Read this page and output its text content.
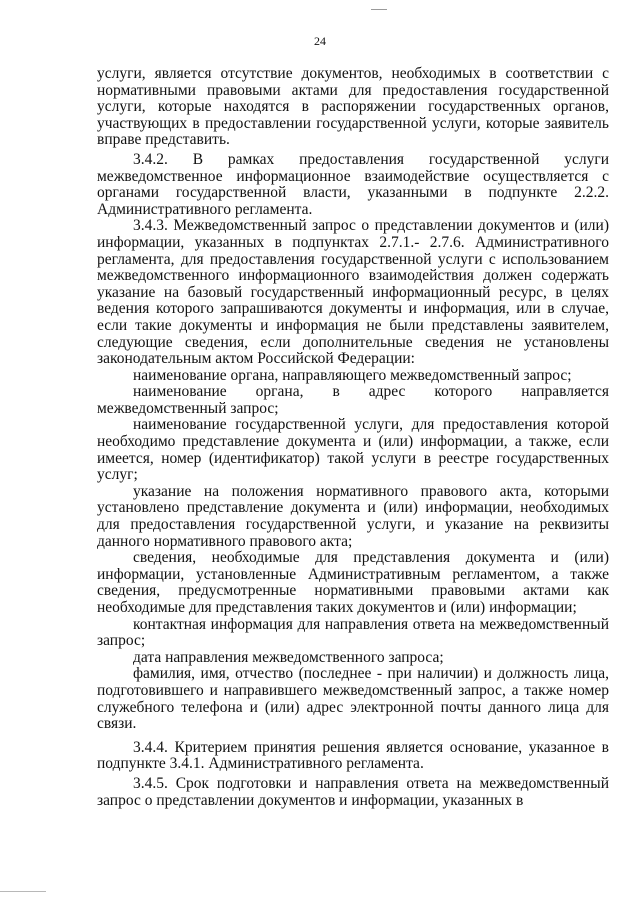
24

услуги, является отсутствие документов, необходимых в соответствии с нормативными правовыми актами для предоставления государственной услуги, которые находятся в распоряжении государственных органов, участвующих в предоставлении государственной услуги, которые заявитель вправе представить.

3.4.2. В рамках предоставления государственной услуги межведомственное информационное взаимодействие осуществляется с органами государственной власти, указанными в подпункте 2.2.2. Административного регламента.

3.4.3. Межведомственный запрос о представлении документов и (или) информации, указанных в подпунктах 2.7.1.- 2.7.6. Административного регламента, для предоставления государственной услуги с использованием межведомственного информационного взаимодействия должен содержать указание на базовый государственный информационный ресурс, в целях ведения которого запрашиваются документы и информация, или в случае, если такие документы и информация не были представлены заявителем, следующие сведения, если дополнительные сведения не установлены законодательным актом Российской Федерации:

наименование органа, направляющего межведомственный запрос;

наименование органа, в адрес которого направляется межведомственный запрос;

наименование государственной услуги, для предоставления которой необходимо представление документа и (или) информации, а также, если имеется, номер (идентификатор) такой услуги в реестре государственных услуг;

указание на положения нормативного правового акта, которыми установлено представление документа и (или) информации, необходимых для предоставления государственной услуги, и указание на реквизиты данного нормативного правового акта;

сведения, необходимые для представления документа и (или) информации, установленные Административным регламентом, а также сведения, предусмотренные нормативными правовыми актами как необходимые для представления таких документов и (или) информации;

контактная информация для направления ответа на межведомственный запрос;

дата направления межведомственного запроса;

фамилия, имя, отчество (последнее - при наличии) и должность лица, подготовившего и направившего межведомственный запрос, а также номер служебного телефона и (или) адрес электронной почты данного лица для связи.

3.4.4. Критерием принятия решения является основание, указанное в подпункте 3.4.1. Административного регламента.

3.4.5. Срок подготовки и направления ответа на межведомственный запрос о представлении документов и информации, указанных в
